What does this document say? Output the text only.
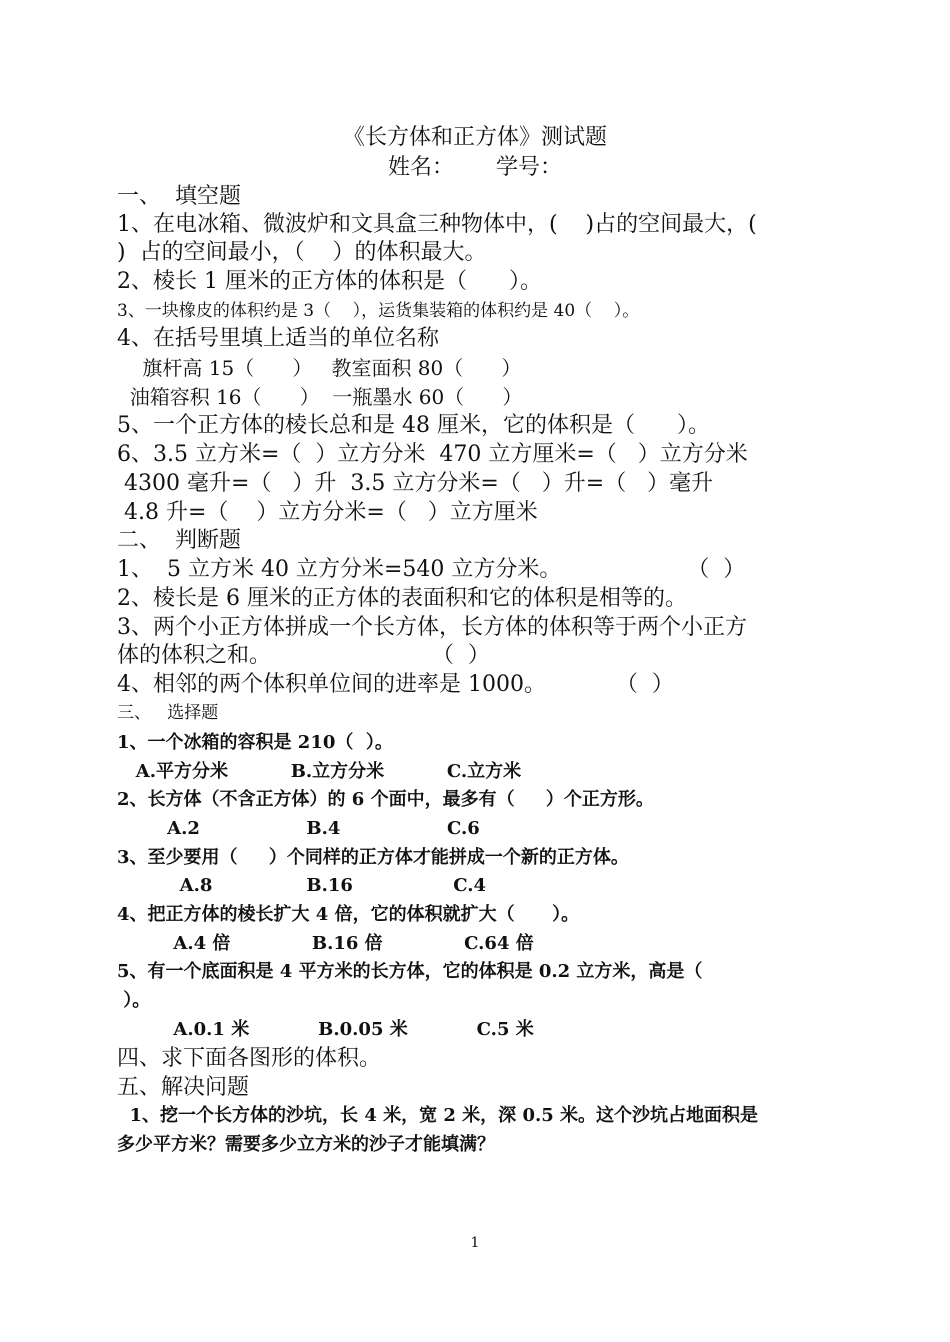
《长方体和正方体》测试题
姓名：      学号：
一、  填空题
1、在电冰箱、微波炉和文具盒三种物体中，(    )占的空间最大，(
)  占的空间最小，（    ）的体积最大。
2、棱长 1 厘米的正方体的体积是（      ）。
3、一块橡皮的体积约是 3（    ），运货集装箱的体积约是 40（    ）。
4、在括号里填上适当的单位名称
旗杆高 15（      ）   教室面积 80（      ）
油箱容积 16（      ）  一瓶墨水 60（      ）
5、一个正方体的棱长总和是 48 厘米，它的体积是（      ）。
6、3.5 立方米=（  ）立方分米  470 立方厘米=（   ）立方分米
4300 毫升=（   ）升  3.5 立方分米=（   ）升=（   ）毫升
4.8 升=（    ）立方分米=（   ）立方厘米
二、  判断题
1、  5 立方米 40 立方分米=540 立方分米。                  （  ）
2、棱长是 6 厘米的正方体的表面积和它的体积是相等的。
3、两个小正方体拼成一个长方体，长方体的体积等于两个小正方
体的体积之和。                       （  ）
4、相邻的两个体积单位间的进率是 1000。          （  ）
三、   选择题
1、一个冰箱的容积是 210（  ）。
A.平方分米          B.立方分米          C.立方米
2、长方体（不含正方体）的 6 个面中，最多有（     ）个正方形。
A.2                 B.4                 C.6
3、至少要用（     ）个同样的正方体才能拼成一个新的正方体。
A.8               B.16                C.4
4、把正方体的棱长扩大 4 倍，它的体积就扩大（      ）。
A.4 倍             B.16 倍             C.64 倍
5、有一个底面积是 4 平方米的长方体，它的体积是 0.2 立方米，高是（
）。
A.0.1 米           B.0.05 米           C.5 米
四、求下面各图形的体积。
五、解决问题
1、挖一个长方体的沙坑，长 4 米，宽 2 米，深 0.5 米。这个沙坑占地面积是
多少平方米？需要多少立方米的沙子才能填满？
1
